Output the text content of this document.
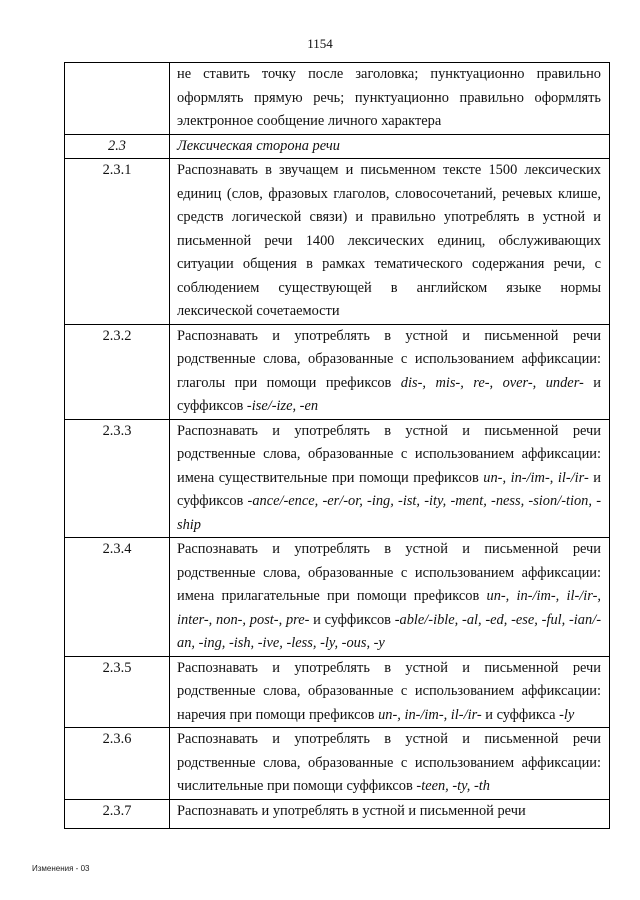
1154
	не ставить точку после заголовка; пунктуационно правильно оформлять прямую речь; пунктуационно правильно оформлять электронное сообщение личного характера
2.3	Лексическая сторона речи
2.3.1	Распознавать в звучащем и письменном тексте 1500 лексических единиц (слов, фразовых глаголов, словосочетаний, речевых клише, средств логической связи) и правильно употреблять в устной и письменной речи 1400 лексических единиц, обслуживающих ситуации общения в рамках тематического содержания речи, с соблюдением существующей в английском языке нормы лексической сочетаемости
2.3.2	Распознавать и употреблять в устной и письменной речи родственные слова, образованные с использованием аффиксации: глаголы при помощи префиксов dis-, mis-, re-, over-, under- и суффиксов -ise/-ize, -en
2.3.3	Распознавать и употреблять в устной и письменной речи родственные слова, образованные с использованием аффиксации: имена существительные при помощи префиксов un-, in-/im-, il-/ir- и суффиксов -ance/-ence, -er/-or, -ing, -ist, -ity, -ment, -ness, -sion/-tion, -ship
2.3.4	Распознавать и употреблять в устной и письменной речи родственные слова, образованные с использованием аффиксации: имена прилагательные при помощи префиксов un-, in-/im-, il-/ir-, inter-, non-, post-, pre- и суффиксов -able/-ible, -al, -ed, -ese, -ful, -ian/-an, -ing, -ish, -ive, -less, -ly, -ous, -y
2.3.5	Распознавать и употреблять в устной и письменной речи родственные слова, образованные с использованием аффиксации: наречия при помощи префиксов un-, in-/im-, il-/ir- и суффикса -ly
2.3.6	Распознавать и употреблять в устной и письменной речи родственные слова, образованные с использованием аффиксации: числительные при помощи суффиксов -teen, -ty, -th
2.3.7	Распознавать и употреблять в устной и письменной речи
Изменения - 03
